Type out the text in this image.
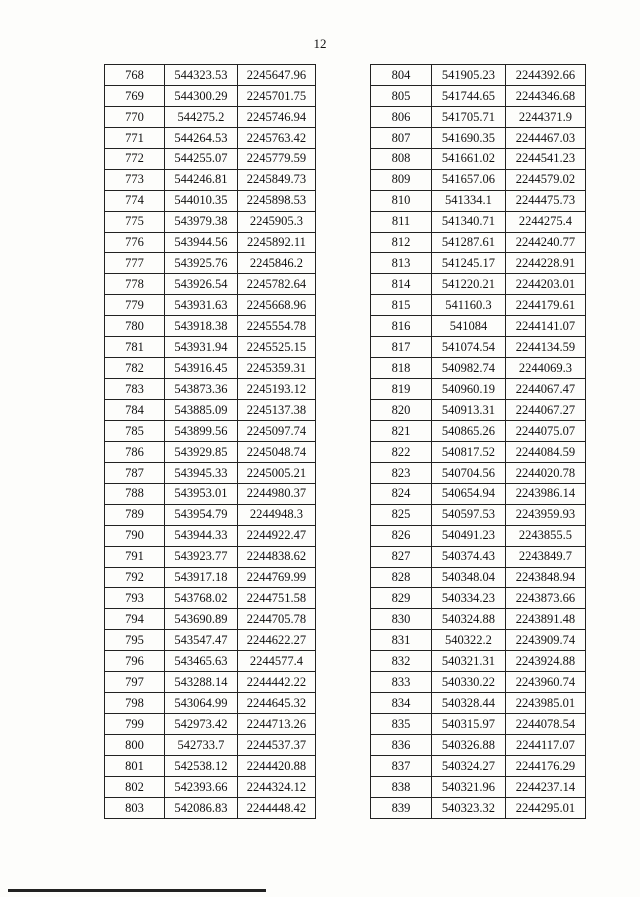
12
768	544323.53	2245647.96
769	544300.29	2245701.75
770	544275.2	2245746.94
771	544264.53	2245763.42
772	544255.07	2245779.59
773	544246.81	2245849.73
774	544010.35	2245898.53
775	543979.38	2245905.3
776	543944.56	2245892.11
777	543925.76	2245846.2
778	543926.54	2245782.64
779	543931.63	2245668.96
780	543918.38	2245554.78
781	543931.94	2245525.15
782	543916.45	2245359.31
783	543873.36	2245193.12
784	543885.09	2245137.38
785	543899.56	2245097.74
786	543929.85	2245048.74
787	543945.33	2245005.21
788	543953.01	2244980.37
789	543954.79	2244948.3
790	543944.33	2244922.47
791	543923.77	2244838.62
792	543917.18	2244769.99
793	543768.02	2244751.58
794	543690.89	2244705.78
795	543547.47	2244622.27
796	543465.63	2244577.4
797	543288.14	2244442.22
798	543064.99	2244645.32
799	542973.42	2244713.26
800	542733.7	2244537.37
801	542538.12	2244420.88
802	542393.66	2244324.12
803	542086.83	2244448.42
804	541905.23	2244392.66
805	541744.65	2244346.68
806	541705.71	2244371.9
807	541690.35	2244467.03
808	541661.02	2244541.23
809	541657.06	2244579.02
810	541334.1	2244475.73
811	541340.71	2244275.4
812	541287.61	2244240.77
813	541245.17	2244228.91
814	541220.21	2244203.01
815	541160.3	2244179.61
816	541084	2244141.07
817	541074.54	2244134.59
818	540982.74	2244069.3
819	540960.19	2244067.47
820	540913.31	2244067.27
821	540865.26	2244075.07
822	540817.52	2244084.59
823	540704.56	2244020.78
824	540654.94	2243986.14
825	540597.53	2243959.93
826	540491.23	2243855.5
827	540374.43	2243849.7
828	540348.04	2243848.94
829	540334.23	2243873.66
830	540324.88	2243891.48
831	540322.2	2243909.74
832	540321.31	2243924.88
833	540330.22	2243960.74
834	540328.44	2243985.01
835	540315.97	2244078.54
836	540326.88	2244117.07
837	540324.27	2244176.29
838	540321.96	2244237.14
839	540323.32	2244295.01
